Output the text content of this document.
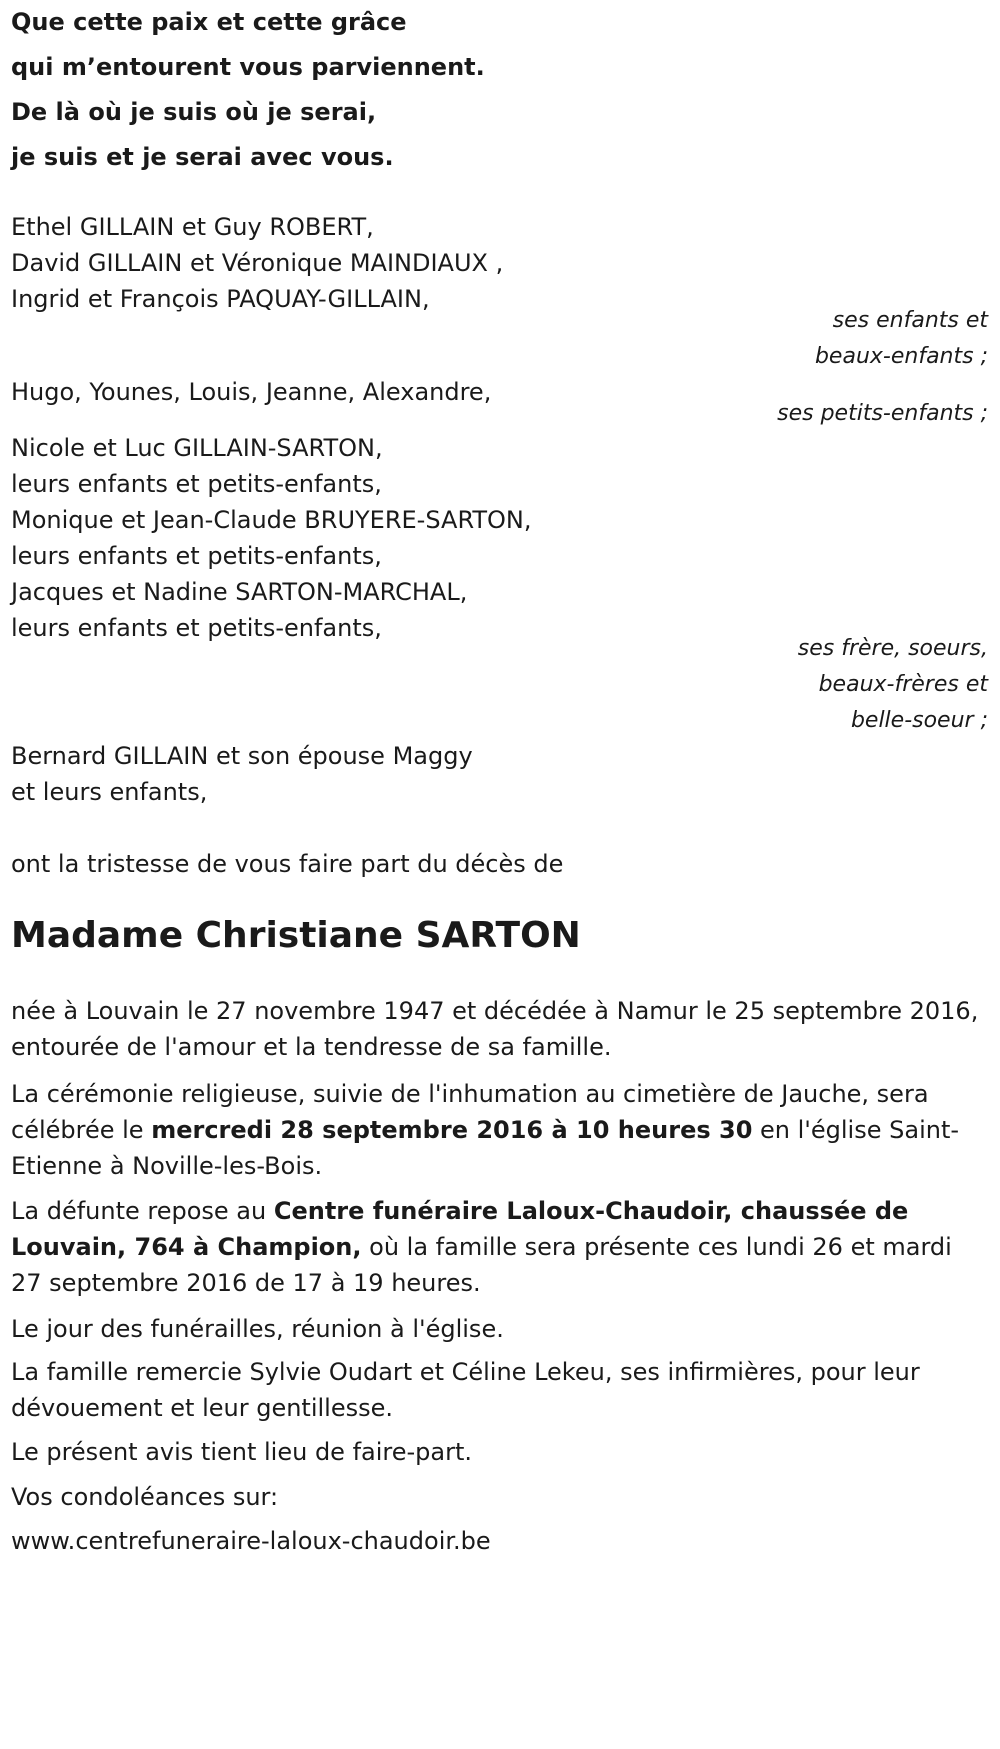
Que cette paix et cette grâce
qui m’entourent vous parviennent.
De là où je suis où je serai,
je suis et je serai avec vous.
Ethel GILLAIN et Guy ROBERT,
David GILLAIN et Véronique MAINDIAUX ,
Ingrid et François PAQUAY-GILLAIN,
ses enfants et
beaux-enfants ;
Hugo, Younes, Louis, Jeanne, Alexandre,
ses petits-enfants ;
Nicole et Luc GILLAIN-SARTON,
leurs enfants et petits-enfants,
Monique et Jean-Claude BRUYERE-SARTON,
leurs enfants et petits-enfants,
Jacques et Nadine SARTON-MARCHAL,
leurs enfants et petits-enfants,
ses frère, soeurs,
beaux-frères et
belle-soeur ;
Bernard GILLAIN et son épouse Maggy
et leurs enfants,
ont la tristesse de vous faire part du décès de
Madame Christiane SARTON
née à Louvain le 27 novembre 1947 et décédée à Namur le 25 septembre 2016, entourée de l'amour et la tendresse de sa famille.
La cérémonie religieuse, suivie de l'inhumation au cimetière de Jauche, sera célébrée le mercredi 28 septembre 2016 à 10 heures 30 en l'église Saint-Etienne à Noville-les-Bois.
La défunte repose au Centre funéraire Laloux-Chaudoir, chaussée de Louvain, 764 à Champion, où la famille sera présente ces lundi 26 et mardi 27 septembre 2016 de 17 à 19 heures.
Le jour des funérailles, réunion à l'église.
La famille remercie Sylvie Oudart et Céline Lekeu, ses infirmières, pour leur dévouement et leur gentillesse.
Le présent avis tient lieu de faire-part.
Vos condoléances sur:
www.centrefuneraire-laloux-chaudoir.be
